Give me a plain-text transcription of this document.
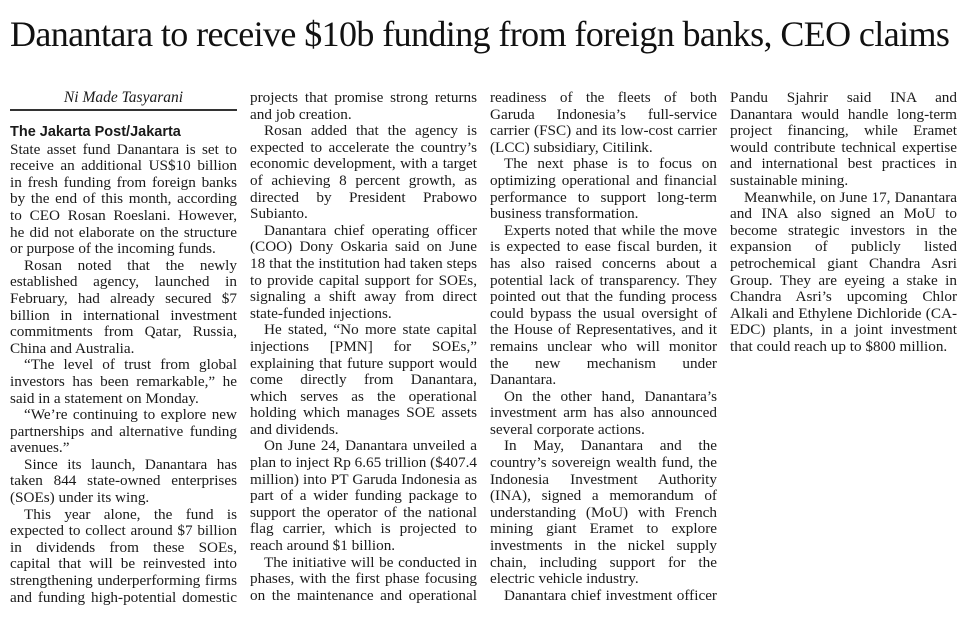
Danantara to receive $10b funding from foreign banks, CEO claims
Ni Made Tasyarani
The Jakarta Post/Jakarta

State asset fund Danantara is set to receive an additional US$10 billion in fresh funding from foreign banks by the end of this month, according to CEO Rosan Roeslani. However, he did not elaborate on the structure or purpose of the incoming funds.

Rosan noted that the newly established agency, launched in February, had already secured $7 billion in international investment commitments from Qatar, Russia, China and Australia.

“The level of trust from global investors has been remarkable,” he said in a statement on Monday.

“We’re continuing to explore new partnerships and alternative funding avenues.”

Since its launch, Danantara has taken 844 state-owned enterprises (SOEs) under its wing.

This year alone, the fund is expected to collect around $7 billion in dividends from these SOEs, capital that will be reinvested into strengthening underperforming firms and funding high-potential domestic

projects that promise strong returns and job creation.

Rosan added that the agency is expected to accelerate the country’s economic development, with a target of achieving 8 percent growth, as directed by President Prabowo Subianto.

Danantara chief operating officer (COO) Dony Oskaria said on June 18 that the institution had taken steps to provide capital support for SOEs, signaling a shift away from direct state-funded injections.

He stated, “No more state capital injections [PMN] for SOEs,” explaining that future support would come directly from Danantara, which serves as the operational holding which manages SOE assets and dividends.

On June 24, Danantara unveiled a plan to inject Rp 6.65 trillion ($407.4 million) into PT Garuda Indonesia as part of a wider funding package to support the operator of the national flag carrier, which is projected to reach around $1 billion.

The initiative will be conducted in phases, with the first phase focusing on the maintenance and operational

readiness of the fleets of both Garuda Indonesia’s full-service carrier (FSC) and its low-cost carrier (LCC) subsidiary, Citilink.

The next phase is to focus on optimizing operational and financial performance to support long-term business transformation.

Experts noted that while the move is expected to ease fiscal burden, it has also raised concerns about a potential lack of transparency. They pointed out that the funding process could bypass the usual oversight of the House of Representatives, and it remains unclear who will monitor the new mechanism under Danantara.

On the other hand, Danantara’s investment arm has also announced several corporate actions.

In May, Danantara and the country’s sovereign wealth fund, the Indonesia Investment Authority (INA), signed a memorandum of understanding (MoU) with French mining giant Eramet to explore investments in the nickel supply chain, including support for the electric vehicle industry.

Danantara chief investment officer

Pandu Sjahrir said INA and Danantara would handle long-term project financing, while Eramet would contribute technical expertise and international best practices in sustainable mining.

Meanwhile, on June 17, Danantara and INA also signed an MoU to become strategic investors in the expansion of publicly listed petrochemical giant Chandra Asri Group. They are eyeing a stake in Chandra Asri’s upcoming Chlor Alkali and Ethylene Dichloride (CA-EDC) plants, in a joint investment that could reach up to $800 million.
